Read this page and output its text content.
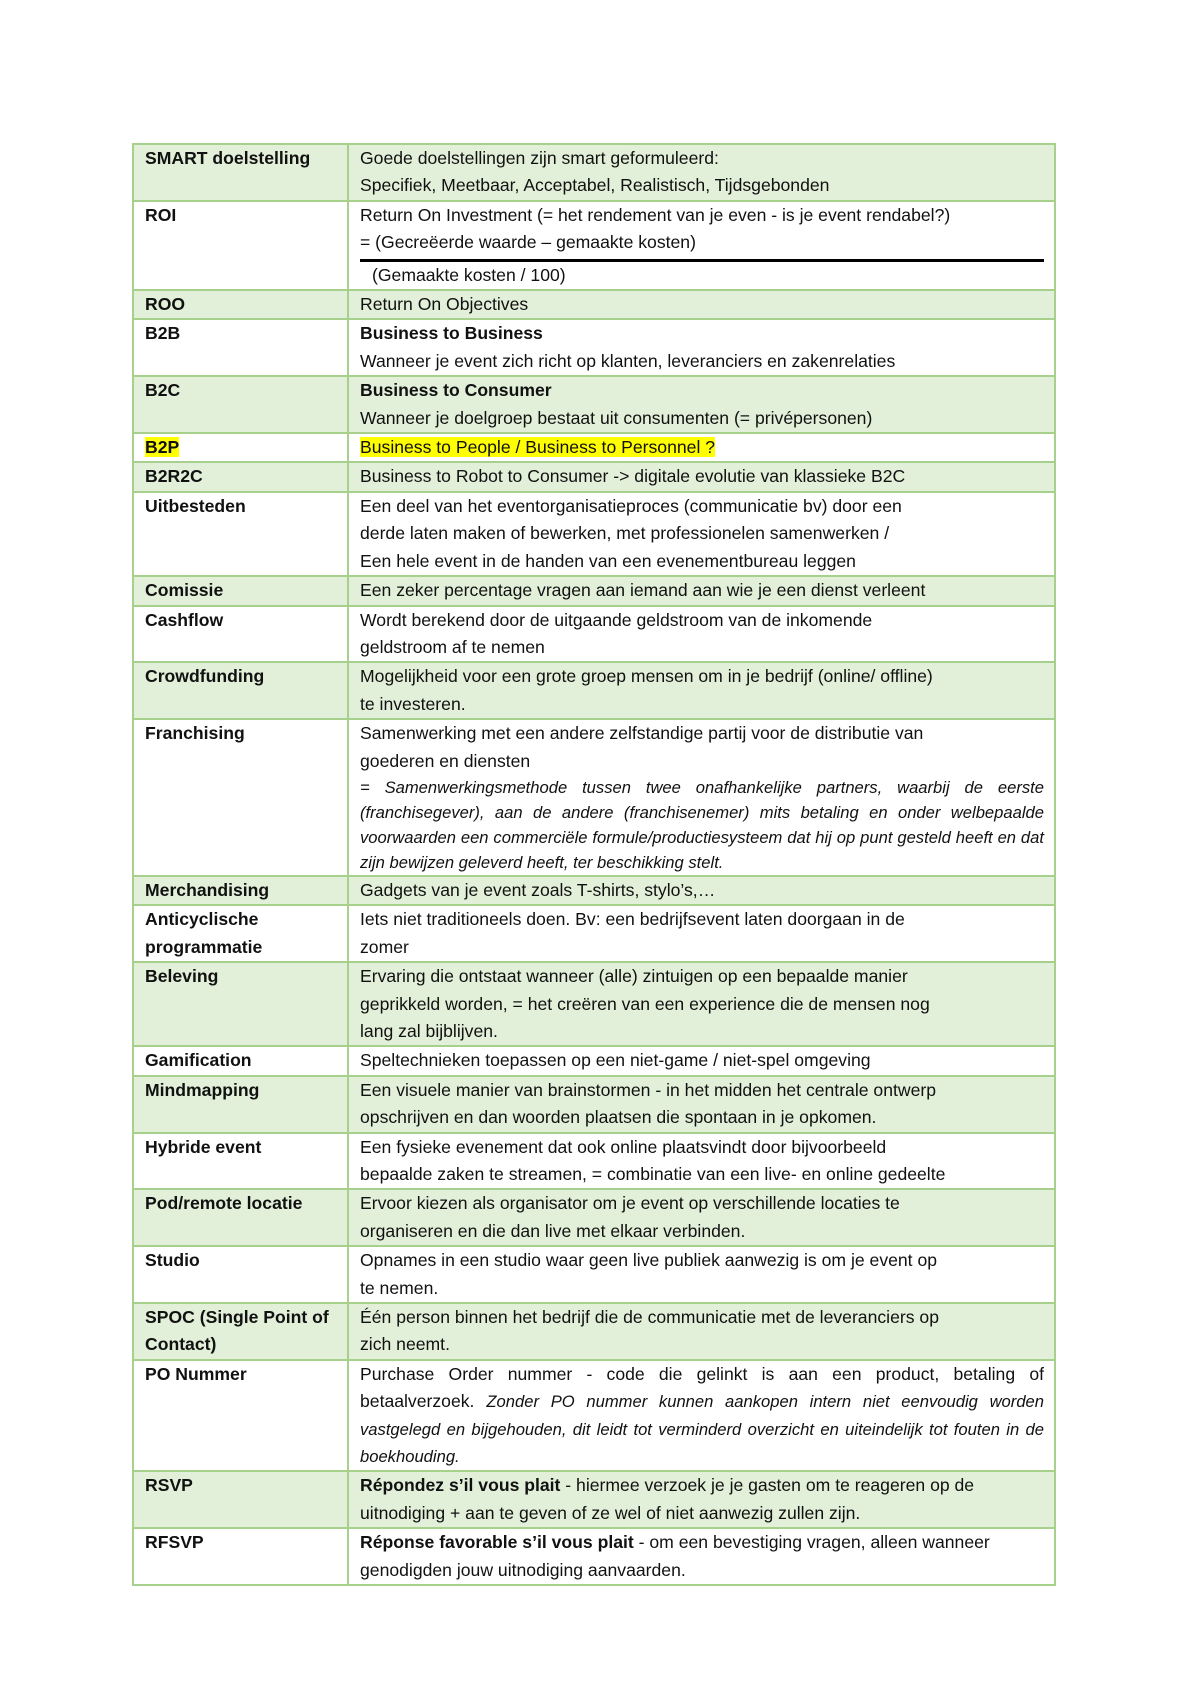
SMART doelstelling	Goede doelstellingen zijn smart geformuleerd:
Specifiek, Meetbaar, Acceptabel, Realistisch, Tijdsgebonden

ROI	Return On Investment (= het rendement van je even - is je event rendabel?)
= (Gecreëerde waarde – gemaakte kosten)
(Gemaakte kosten / 100)

ROO	Return On Objectives

B2B	Business to Business
Wanneer je event zich richt op klanten, leveranciers en zakenrelaties

B2C	Business to Consumer
Wanneer je doelgroep bestaat uit consumenten (= privépersonen)

B2P	Business to People / Business to Personnel ?
B2R2C	Business to Robot to Consumer -> digitale evolutie van klassieke B2C

Uitbesteden	Een deel van het eventorganisatieproces (communicatie bv) door een
derde laten maken of bewerken, met professionelen samenwerken /
Een hele event in de handen van een evenementbureau leggen

Comissie	Een zeker percentage vragen aan iemand aan wie je een dienst verleent

Cashflow	Wordt berekend door de uitgaande geldstroom van de inkomende
geldstroom af te nemen

Crowdfunding	Mogelijkheid voor een grote groep mensen om in je bedrijf (online/ offline)
te investeren.

Franchising	Samenwerking met een andere zelfstandige partij voor de distributie van
goederen en diensten
= Samenwerkingsmethode tussen twee onafhankelijke partners, waarbij de eerste (franchisegever), aan de andere (franchisenemer) mits betaling en onder welbepaalde voorwaarden een commerciële formule/productiesysteem dat hij op punt gesteld heeft en dat zijn bewijzen geleverd heeft, ter beschikking stelt.

Merchandising	Gadgets van je event zoals T-shirts, stylo’s,…

Anticyclische programmatie	Iets niet traditioneels doen. Bv: een bedrijfsevent laten doorgaan in de
zomer

Beleving	Ervaring die ontstaat wanneer (alle) zintuigen op een bepaalde manier
geprikkeld worden, = het creëren van een experience die de mensen nog
lang zal bijblijven.

Gamification	Speltechnieken toepassen op een niet-game / niet-spel omgeving

Mindmapping	Een visuele manier van brainstormen - in het midden het centrale ontwerp
opschrijven en dan woorden plaatsen die spontaan in je opkomen.

Hybride event	Een fysieke evenement dat ook online plaatsvindt door bijvoorbeeld
bepaalde zaken te streamen, = combinatie van een live- en online gedeelte

Pod/remote locatie	Ervoor kiezen als organisator om je event op verschillende locaties te
organiseren en die dan live met elkaar verbinden.

Studio	Opnames in een studio waar geen live publiek aanwezig is om je event op
te nemen.

SPOC (Single Point of Contact)	Één person binnen het bedrijf die de communicatie met de leveranciers op
zich neemt.

PO Nummer	Purchase Order nummer - code die gelinkt is aan een product, betaling of betaalverzoek. Zonder PO nummer kunnen aankopen intern niet eenvoudig worden vastgelegd en bijgehouden, dit leidt tot verminderd overzicht en uiteindelijk tot fouten in de boekhouding.
RSVP	Répondez s’il vous plait - hiermee verzoek je je gasten om te reageren op de uitnodiging + aan te geven of ze wel of niet aanwezig zullen zijn.
RFSVP	Réponse favorable s’il vous plait - om een bevestiging vragen, alleen wanneer genodigden jouw uitnodiging aanvaarden.
